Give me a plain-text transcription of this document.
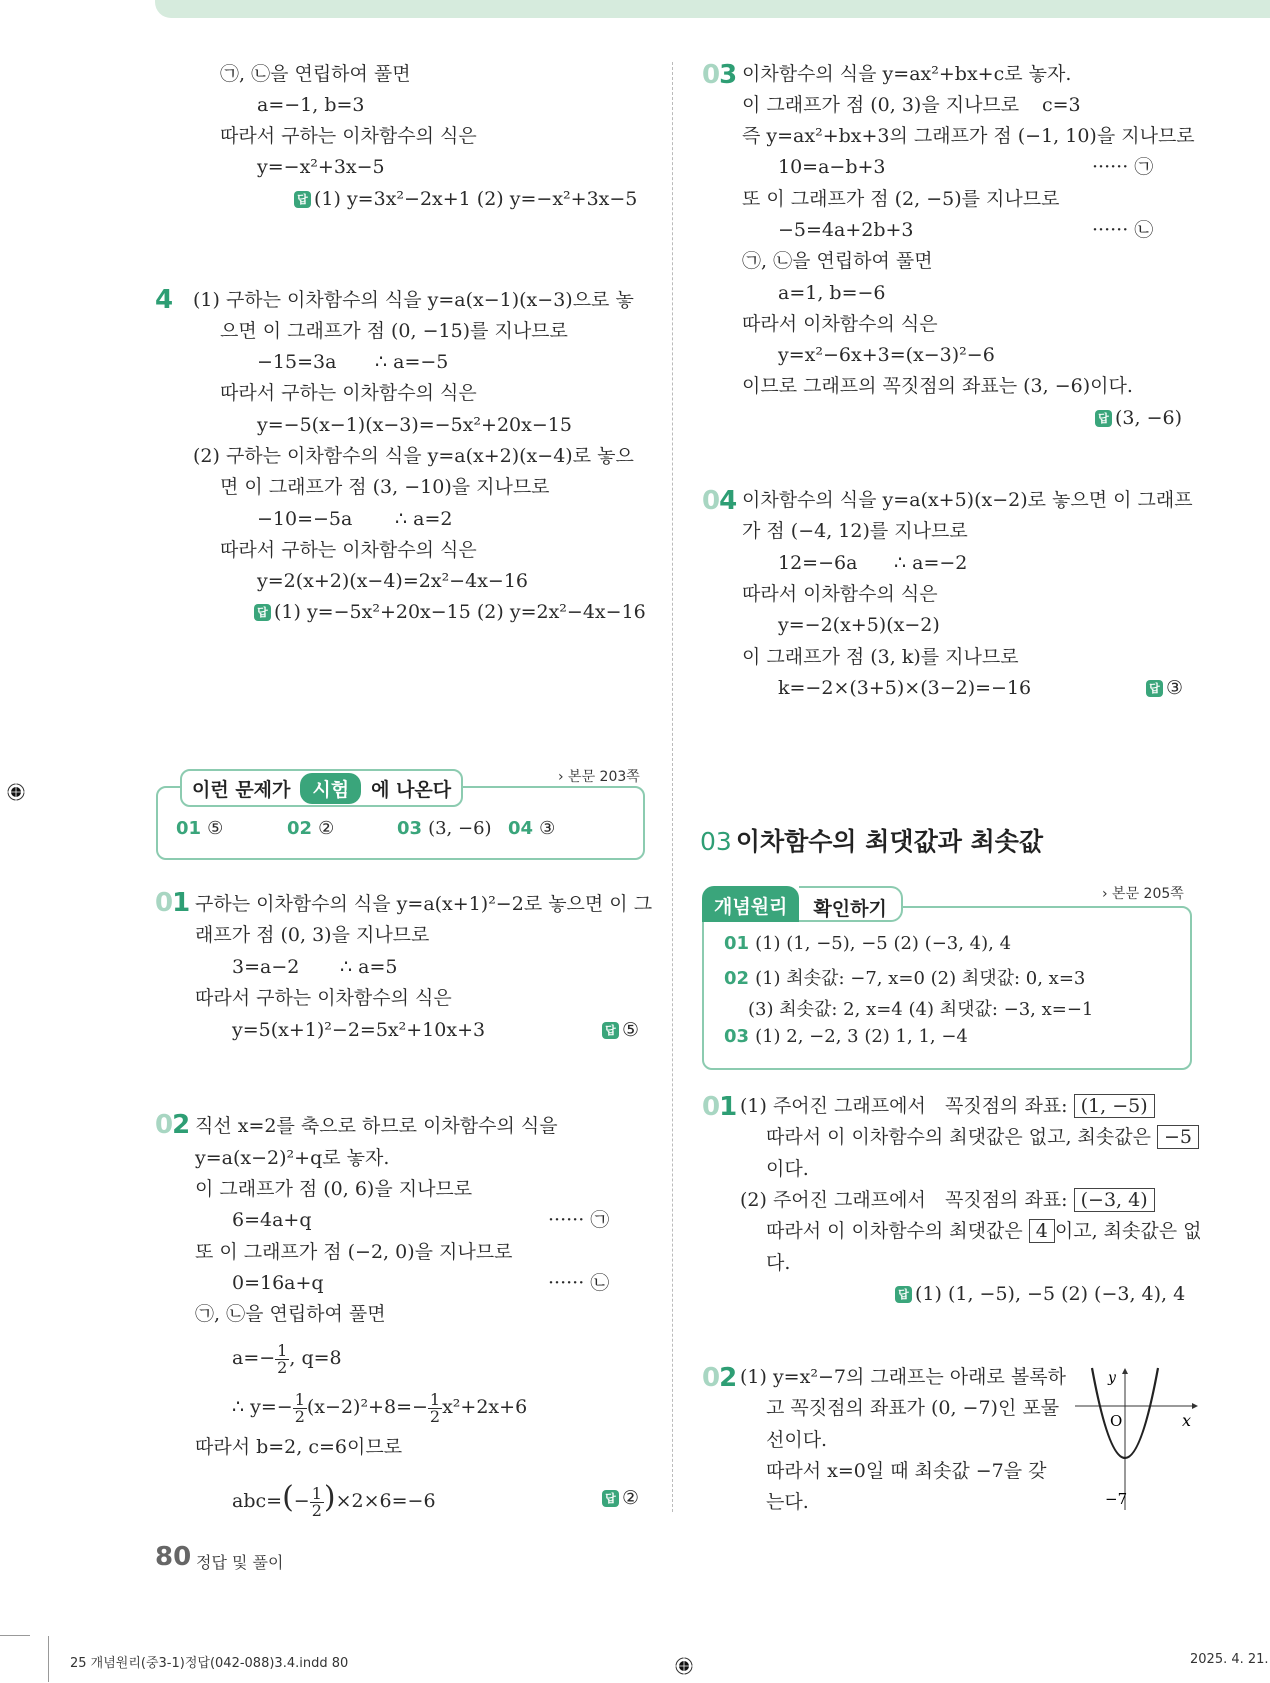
㉠, ㉡을 연립하여 풀면
a=−1, b=3
따라서 구하는 이차함수의 식은
y=−x²+3x−5
답 (1) y=3x²−2x+1 (2) y=−x²+3x−5
4 (1) 구하는 이차함수의 식을 y=a(x−1)(x−3)으로 놓
으면 이 그래프가 점 (0, −15)를 지나므로
−15=3a ∴ a=−5
따라서 구하는 이차함수의 식은
y=−5(x−1)(x−3)=−5x²+20x−15
(2) 구하는 이차함수의 식을 y=a(x+2)(x−4)로 놓으
면 이 그래프가 점 (3, −10)을 지나므로
−10=−5a ∴ a=2
따라서 구하는 이차함수의 식은
y=2(x+2)(x−4)=2x²−4x−16
답 (1) y=−5x²+20x−15 (2) y=2x²−4x−16
이런 문제가	시험	에 나온다
› 본문 203쪽
01 ⑤	02 ②	03 (3, −6) 04 ③
01 구하는 이차함수의 식을 y=a(x+1)²−2로 놓으면 이 그
래프가 점 (0, 3)을 지나므로
3=a−2 ∴ a=5
따라서 구하는 이차함수의 식은
y=5(x+1)²−2=5x²+10x+3	답 ⑤
02 직선 x=2를 축으로 하므로 이차함수의 식을
y=a(x−2)²+q로 놓자.
이 그래프가 점 (0, 6)을 지나므로
6=4a+q	······ ㉠
또 이 그래프가 점 (−2, 0)을 지나므로
0=16a+q	······ ㉡
㉠, ㉡을 연립하여 풀면
$a=- \frac{1}{2}$ , q=8
∴ $y=- \frac{1}{2} (x-2)^2+8=- \frac{1}{2} x^2+2x+6$
따라서 b=2, c=6이므로
$abc=(- \frac{1}{2} )\times 2\times 6=-6$	답 ②
80 정답 및 풀이
03 이차함수의 식을 y=ax²+bx+c로 놓자.
이 그래프가 점 (0, 3)을 지나므로 c=3
즉 y=ax²+bx+3의 그래프가 점 (−1, 10)을 지나므로
10=a−b+3	······ ㉠
또 이 그래프가 점 (2, −5)를 지나므로
−5=4a+2b+3	······ ㉡
㉠, ㉡을 연립하여 풀면
a=1, b=−6
따라서 이차함수의 식은
y=x²−6x+3=(x−3)²−6
이므로 그래프의 꼭짓점의 좌표는 (3, −6)이다.
답 (3, −6)
04 이차함수의 식을 y=a(x+5)(x−2)로 놓으면 이 그래프
가 점 (−4, 12)를 지나므로
12=−6a ∴ a=−2
따라서 이차함수의 식은
y=−2(x+5)(x−2)
이 그래프가 점 (3, k)를 지나므로
k=−2×(3+5)×(3−2)=−16	답 ③
03 이차함수의 최댓값과 최솟값
개념원리	확인하기
› 본문 205쪽
01 (1) (1, −5), −5 (2) (−3, 4), 4
02 (1) 최솟값: −7, x=0 (2) 최댓값: 0, x=3
(3) 최솟값: 2, x=4 (4) 최댓값: −3, x=−1
03 (1) 2, −2, 3 (2) 1, 1, −4
01 (1) 주어진 그래프에서 꼭짓점의 좌표: (1, −5)
따라서 이 이차함수의 최댓값은 없고, 최솟값은 −5
이다.
(2) 주어진 그래프에서 꼭짓점의 좌표: (−3, 4)
따라서 이 이차함수의 최댓값은 4 이고, 최솟값은 없
다.
답 (1) (1, −5), −5 (2) (−3, 4), 4
02 (1) y=x²−7의 그래프는 아래로 볼록하
고 꼭짓점의 좌표가 (0, −7)인 포물
선이다.
따라서 x=0일 때 최솟값 −7을 갖
는다.
y
x
O
−7
25 개념원리(중3-1)정답(042-088)3.4.indd 80	2025. 4. 21.
